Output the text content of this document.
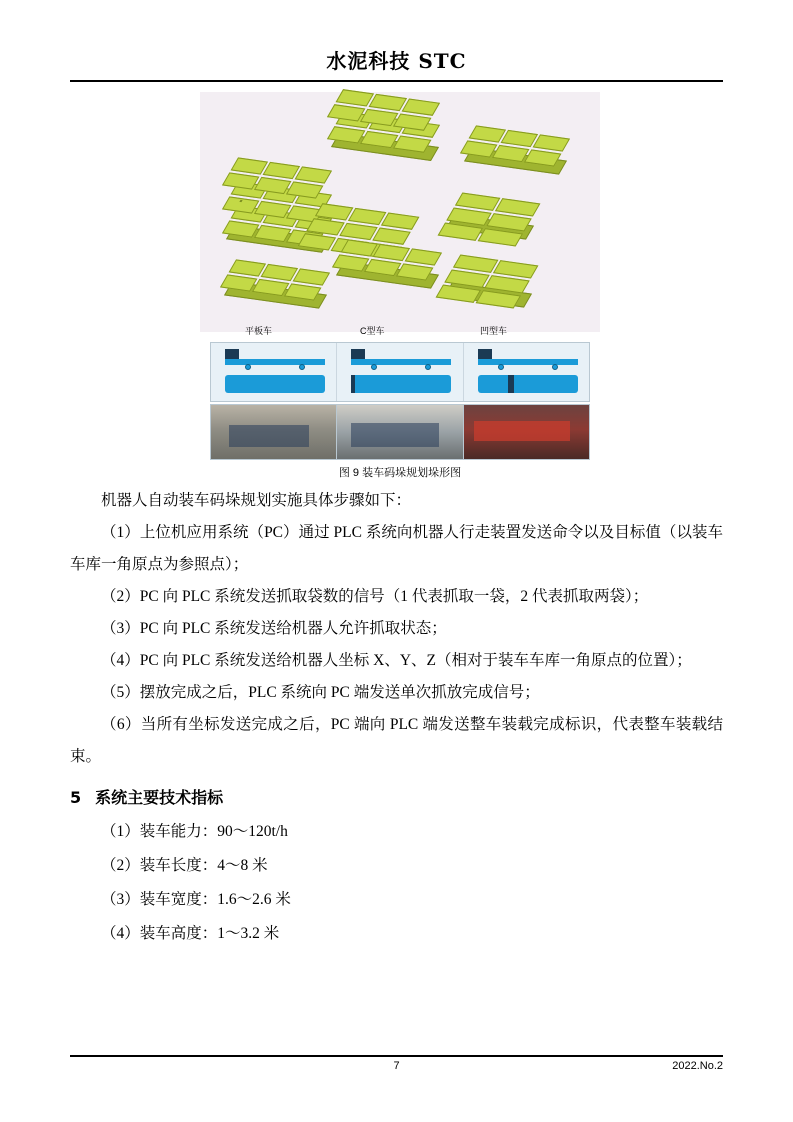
水泥科技 STC
平板车	C型车	凹型车
图 9 装车码垛规划垛形图

机器人自动装车码垛规划实施具体步骤如下：

（1）上位机应用系统（PC）通过 PLC 系统向机器人行走装置发送命令以及目标值（以装车车库一角原点为参照点）；

（2）PC 向 PLC 系统发送抓取袋数的信号（1 代表抓取一袋，2 代表抓取两袋）；

（3）PC 向 PLC 系统发送给机器人允许抓取状态；

（4）PC 向 PLC 系统发送给机器人坐标 X、Y、Z（相对于装车车库一角原点的位置）；

（5）摆放完成之后，PLC 系统向 PC 端发送单次抓放完成信号；

（6）当所有坐标发送完成之后，PC 端向 PLC 端发送整车装载完成标识，代表整车装载结束。

5 系统主要技术指标

（1）装车能力：90～120t/h

（2）装车长度：4～8 米

（3）装车宽度：1.6～2.6 米

（4）装车高度：1～3.2 米

7	2022.No.2
